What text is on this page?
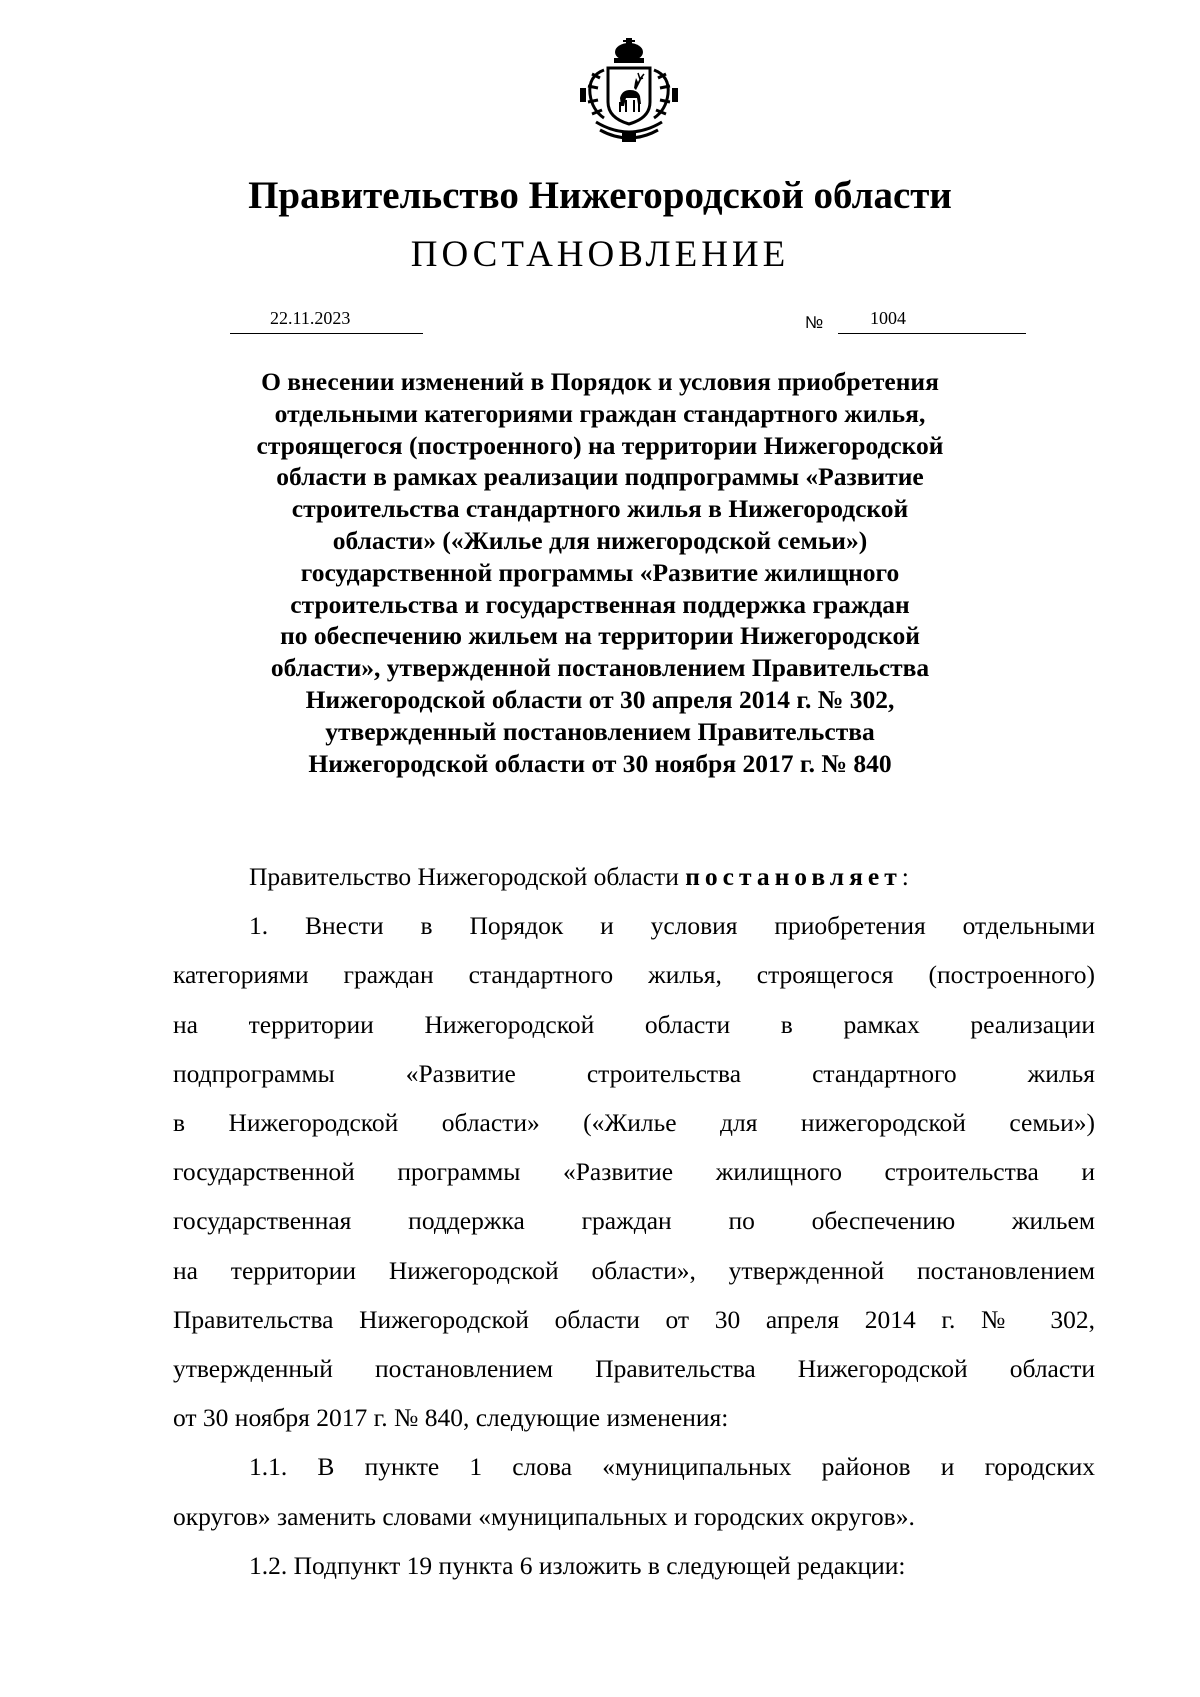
Правительство Нижегородской области
ПОСТАНОВЛЕНИЕ
22.11.2023	№	1004
О внесении изменений в Порядок и условия приобретения
отдельными категориями граждан стандартного жилья,
строящегося (построенного) на территории Нижегородской
области в рамках реализации подпрограммы «Развитие
строительства стандартного жилья в Нижегородской
области» («Жилье для нижегородской семьи»)
государственной программы «Развитие жилищного
строительства и государственная поддержка граждан
по обеспечению жильем на территории Нижегородской
области», утвержденной постановлением Правительства
Нижегородской области от 30 апреля 2014 г. № 302,
утвержденный постановлением Правительства
Нижегородской области от 30 ноября 2017 г. № 840
Правительство Нижегородской области постановляет:
1. Внести в Порядок и условия приобретения отдельными
категориями граждан стандартного жилья, строящегося (построенного)
на территории Нижегородской области в рамках реализации
подпрограммы «Развитие строительства стандартного жилья
в Нижегородской области» («Жилье для нижегородской семьи»)
государственной программы «Развитие жилищного строительства и
государственная поддержка граждан по обеспечению жильем
на территории Нижегородской области», утвержденной постановлением
Правительства Нижегородской области от 30 апреля 2014 г. № 302,
утвержденный постановлением Правительства Нижегородской области
от 30 ноября 2017 г. № 840, следующие изменения:
1.1. В пункте 1 слова «муниципальных районов и городских
округов» заменить словами «муниципальных и городских округов».
1.2. Подпункт 19 пункта 6 изложить в следующей редакции:
